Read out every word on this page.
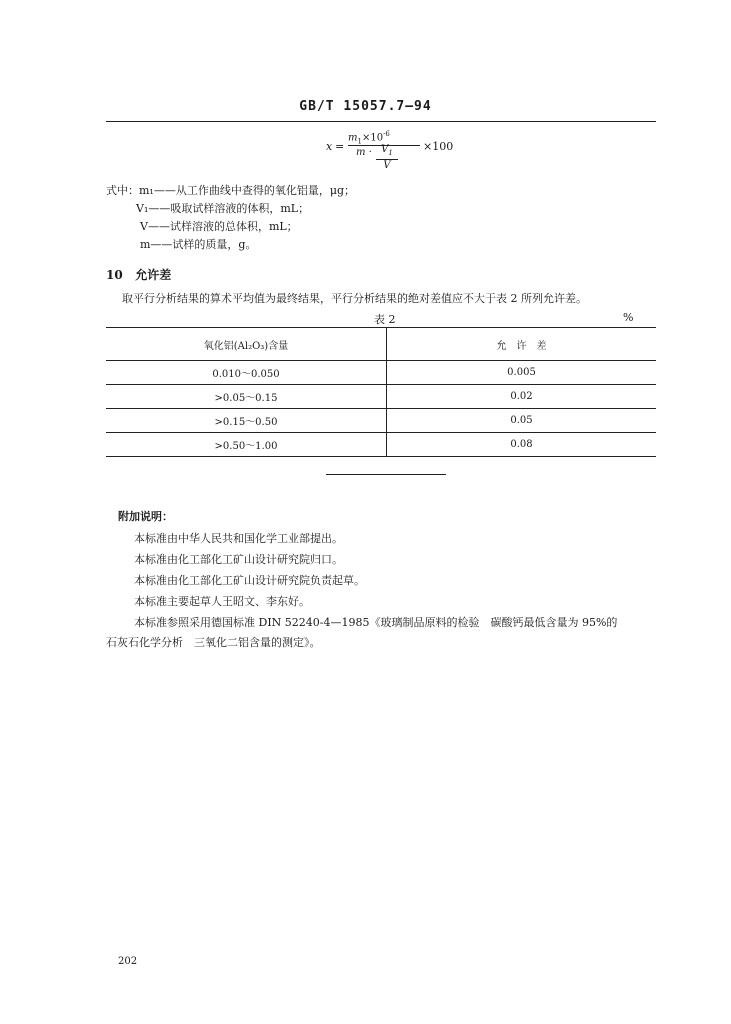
GB/T 15057.7—94
x =
$m_1\times 10^{-6}$
$m \cdot \frac{V_1}{V} \times 100$
式中：m₁——从工作曲线中查得的氧化铝量，μg；
V₁——吸取试样溶液的体积，mL；
V——试样溶液的总体积，mL；
m——试样的质量，g。
10 允许差
取平行分析结果的算术平均值为最终结果，平行分析结果的绝对差值应不大于表 2 所列允许差。
表 2	%
氧化铝(Al₂O₃)含量	允　许　差
0.010～0.050	0.005
>0.05～0.15	0.02
>0.15～0.50	0.05
>0.50～1.00	0.08
附加说明：
本标准由中华人民共和国化学工业部提出。
本标准由化工部化工矿山设计研究院归口。
本标准由化工部化工矿山设计研究院负责起草。
本标准主要起草人王昭文、李东好。
本标准参照采用德国标准 DIN 52240-4—1985《玻璃制品原料的检验　碳酸钙最低含量为 95%的
石灰石化学分析　三氧化二铝含量的测定》。
202
